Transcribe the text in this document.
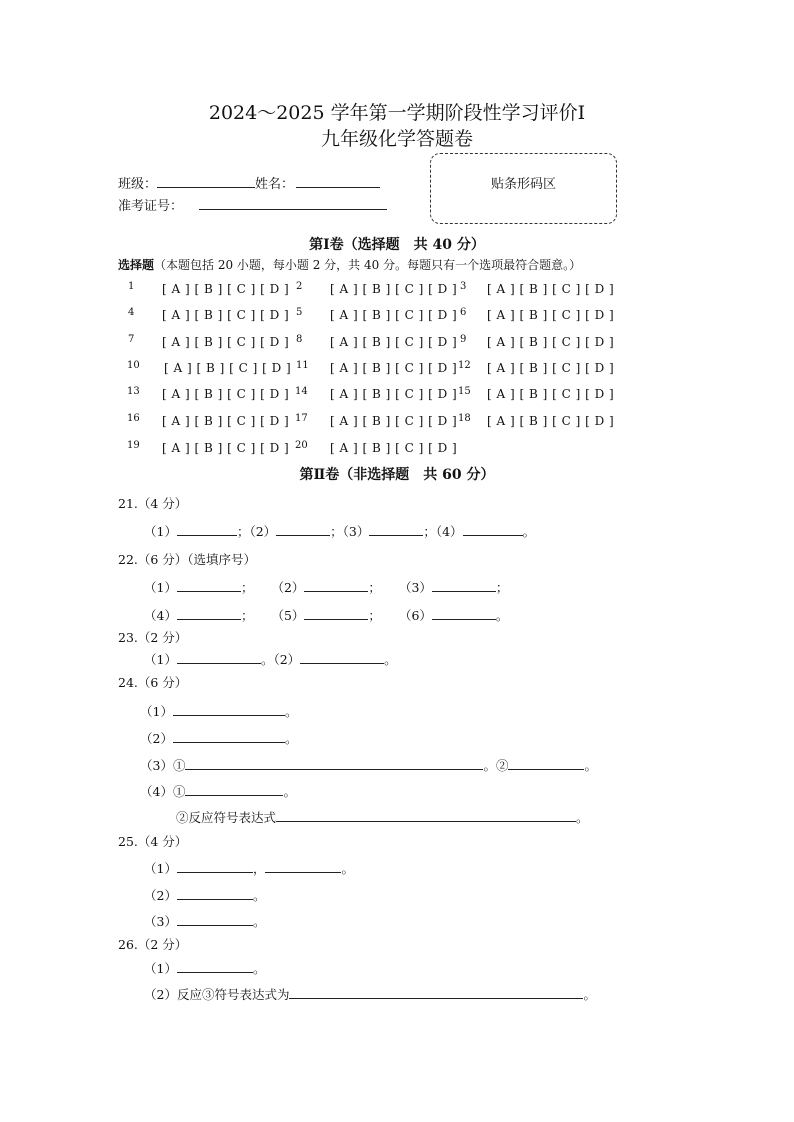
2024～2025 学年第一学期阶段性学习评价Ⅰ
九年级化学答题卷
班级：	姓名：
准考证号：
贴条形码区
第Ⅰ卷（选择题　共 40 分）
选择题（本题包括 20 小题，每小题 2 分，共 40 分。每题只有一个选项最符合题意。）
1 [ A ] [ B ] [ C ] [ D ] 2 [ A ] [ B ] [ C ] [ D ] 3 [ A ] [ B ] [ C ] [ D ]
4 [ A ] [ B ] [ C ] [ D ] 5 [ A ] [ B ] [ C ] [ D ] 6 [ A ] [ B ] [ C ] [ D ]
7 [ A ] [ B ] [ C ] [ D ] 8 [ A ] [ B ] [ C ] [ D ] 9 [ A ] [ B ] [ C ] [ D ]
10 [ A ] [ B ] [ C ] [ D ] 11 [ A ] [ B ] [ C ] [ D ] 12 [ A ] [ B ] [ C ] [ D ]
13 [ A ] [ B ] [ C ] [ D ] 14 [ A ] [ B ] [ C ] [ D ] 15 [ A ] [ B ] [ C ] [ D ]
16 [ A ] [ B ] [ C ] [ D ] 17 [ A ] [ B ] [ C ] [ D ] 18 [ A ] [ B ] [ C ] [ D ]
19 [ A ] [ B ] [ C ] [ D ] 20 [ A ] [ B ] [ C ] [ D ]
第Ⅱ卷（非选择题　共 60 分）
21.（4 分）
（1）	；（2）	；（3）	；（4）	。
22.（6 分）（选填序号）
（1）	； （2）	； （3）	；
（4）	； （5）	； （6）	。
23.（2 分）
（1）	。（2）	。
24.（6 分）
（1）	。
（2）	。
（3）①	。②	。
（4）①	。
②反应符号表达式	。
25.（4 分）
（1）	，	。
（2）	。
（3）	。
26.（2 分）
（1）	。
（2）反应③符号表达式为	。
